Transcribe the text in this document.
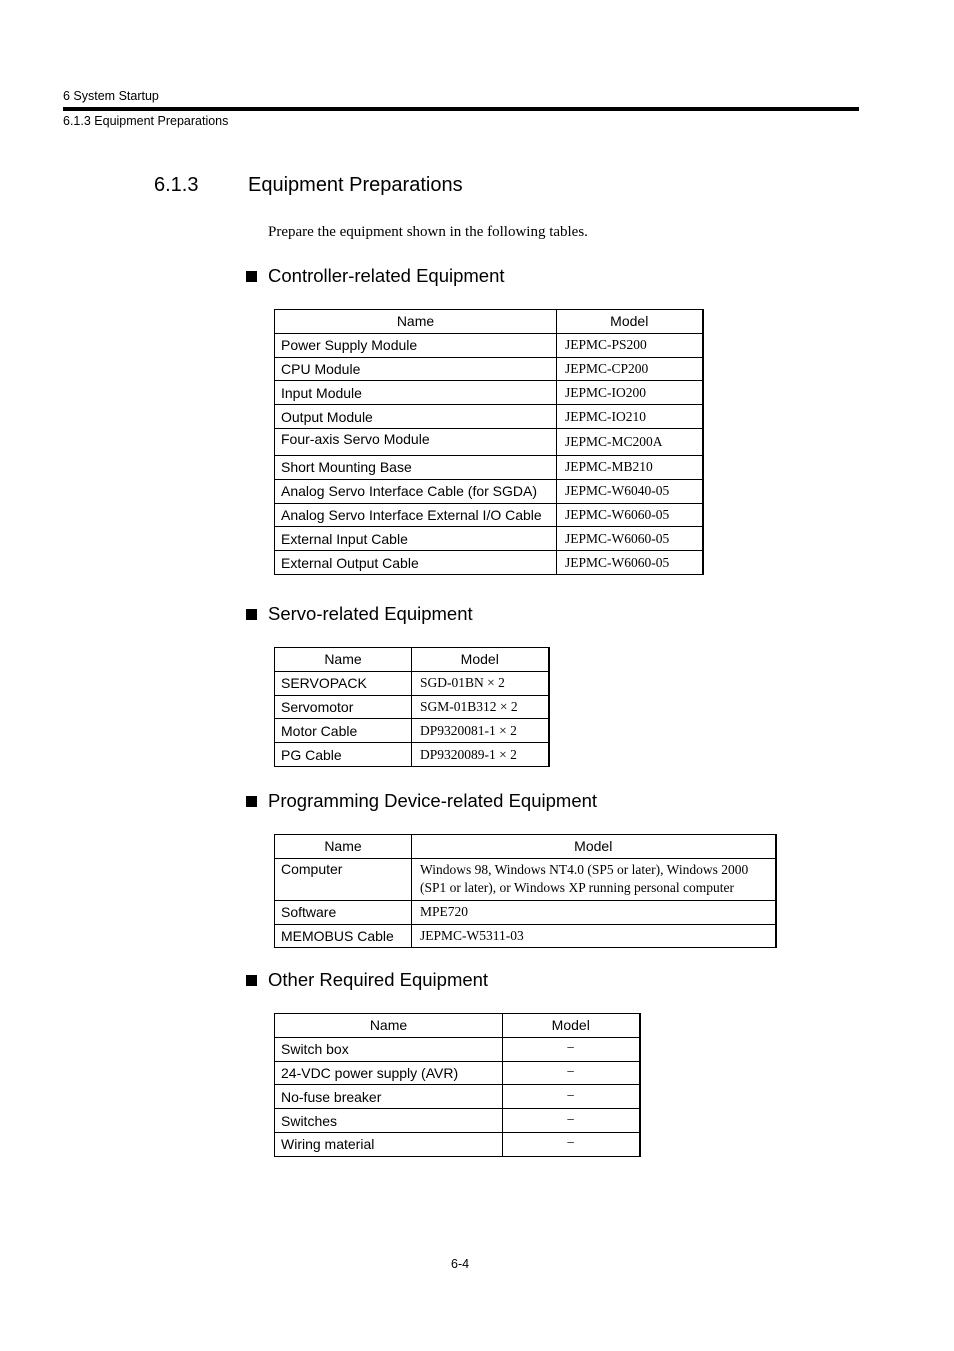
6 System Startup
6.1.3 Equipment Preparations
6.1.3 Equipment Preparations
Prepare the equipment shown in the following tables.
Controller-related Equipment
Name	Model
Power Supply Module	JEPMC-PS200
CPU Module	JEPMC-CP200
Input Module	JEPMC-IO200
Output Module	JEPMC-IO210
Four-axis Servo Module	JEPMC-MC200A
Short Mounting Base	JEPMC-MB210
Analog Servo Interface Cable (for SGDA)	JEPMC-W6040-05
Analog Servo Interface External I/O Cable	JEPMC-W6060-05
External Input Cable	JEPMC-W6060-05
External Output Cable	JEPMC-W6060-05
Servo-related Equipment
Name	Model
SERVOPACK	SGD-01BN × 2
Servomotor	SGM-01B312 × 2
Motor Cable	DP9320081-1 × 2
PG Cable	DP9320089-1 × 2
Programming Device-related Equipment
Name	Model
Computer	Windows 98, Windows NT4.0 (SP5 or later), Windows 2000 (SP1 or later), or Windows XP running personal computer
Software	MPE720
MEMOBUS Cable	JEPMC-W5311-03
Other Required Equipment
Name	Model
Switch box	−
24-VDC power supply (AVR)	−
No-fuse breaker	−
Switches	−
Wiring material	−
6-4
